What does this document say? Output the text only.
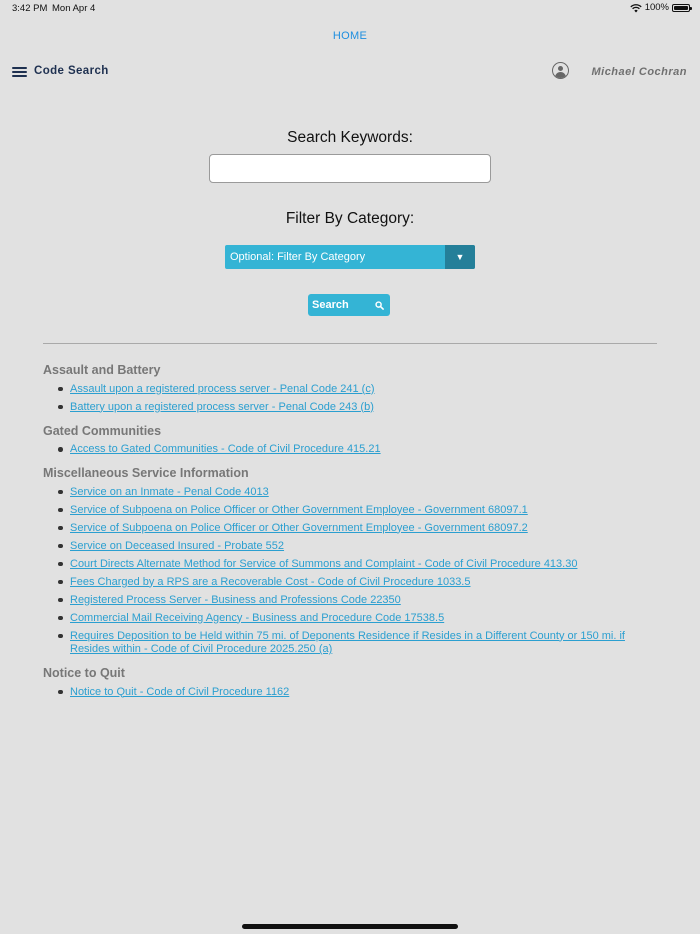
3:42 PM Mon Apr 4	100%
HOME
Code Search	Michael Cochran
Search Keywords:
Filter By Category:
Optional: Filter By Category	▼
Search
Assault and Battery
Assault upon a registered process server - Penal Code 241 (c)
Battery upon a registered process server - Penal Code 243 (b)
Gated Communities
Access to Gated Communities - Code of Civil Procedure 415.21
Miscellaneous Service Information
Service on an Inmate - Penal Code 4013
Service of Subpoena on Police Officer or Other Government Employee - Government 68097.1
Service of Subpoena on Police Officer or Other Government Employee - Government 68097.2
Service on Deceased Insured - Probate 552
Court Directs Alternate Method for Service of Summons and Complaint - Code of Civil Procedure 413.30
Fees Charged by a RPS are a Recoverable Cost - Code of Civil Procedure 1033.5
Registered Process Server - Business and Professions Code 22350
Commercial Mail Receiving Agency - Business and Procedure Code 17538.5
Requires Deposition to be Held within 75 mi. of Deponents Residence if Resides in a Different County or 150 mi. if Resides within - Code of Civil Procedure 2025.250 (a)
Notice to Quit
Notice to Quit - Code of Civil Procedure 1162
